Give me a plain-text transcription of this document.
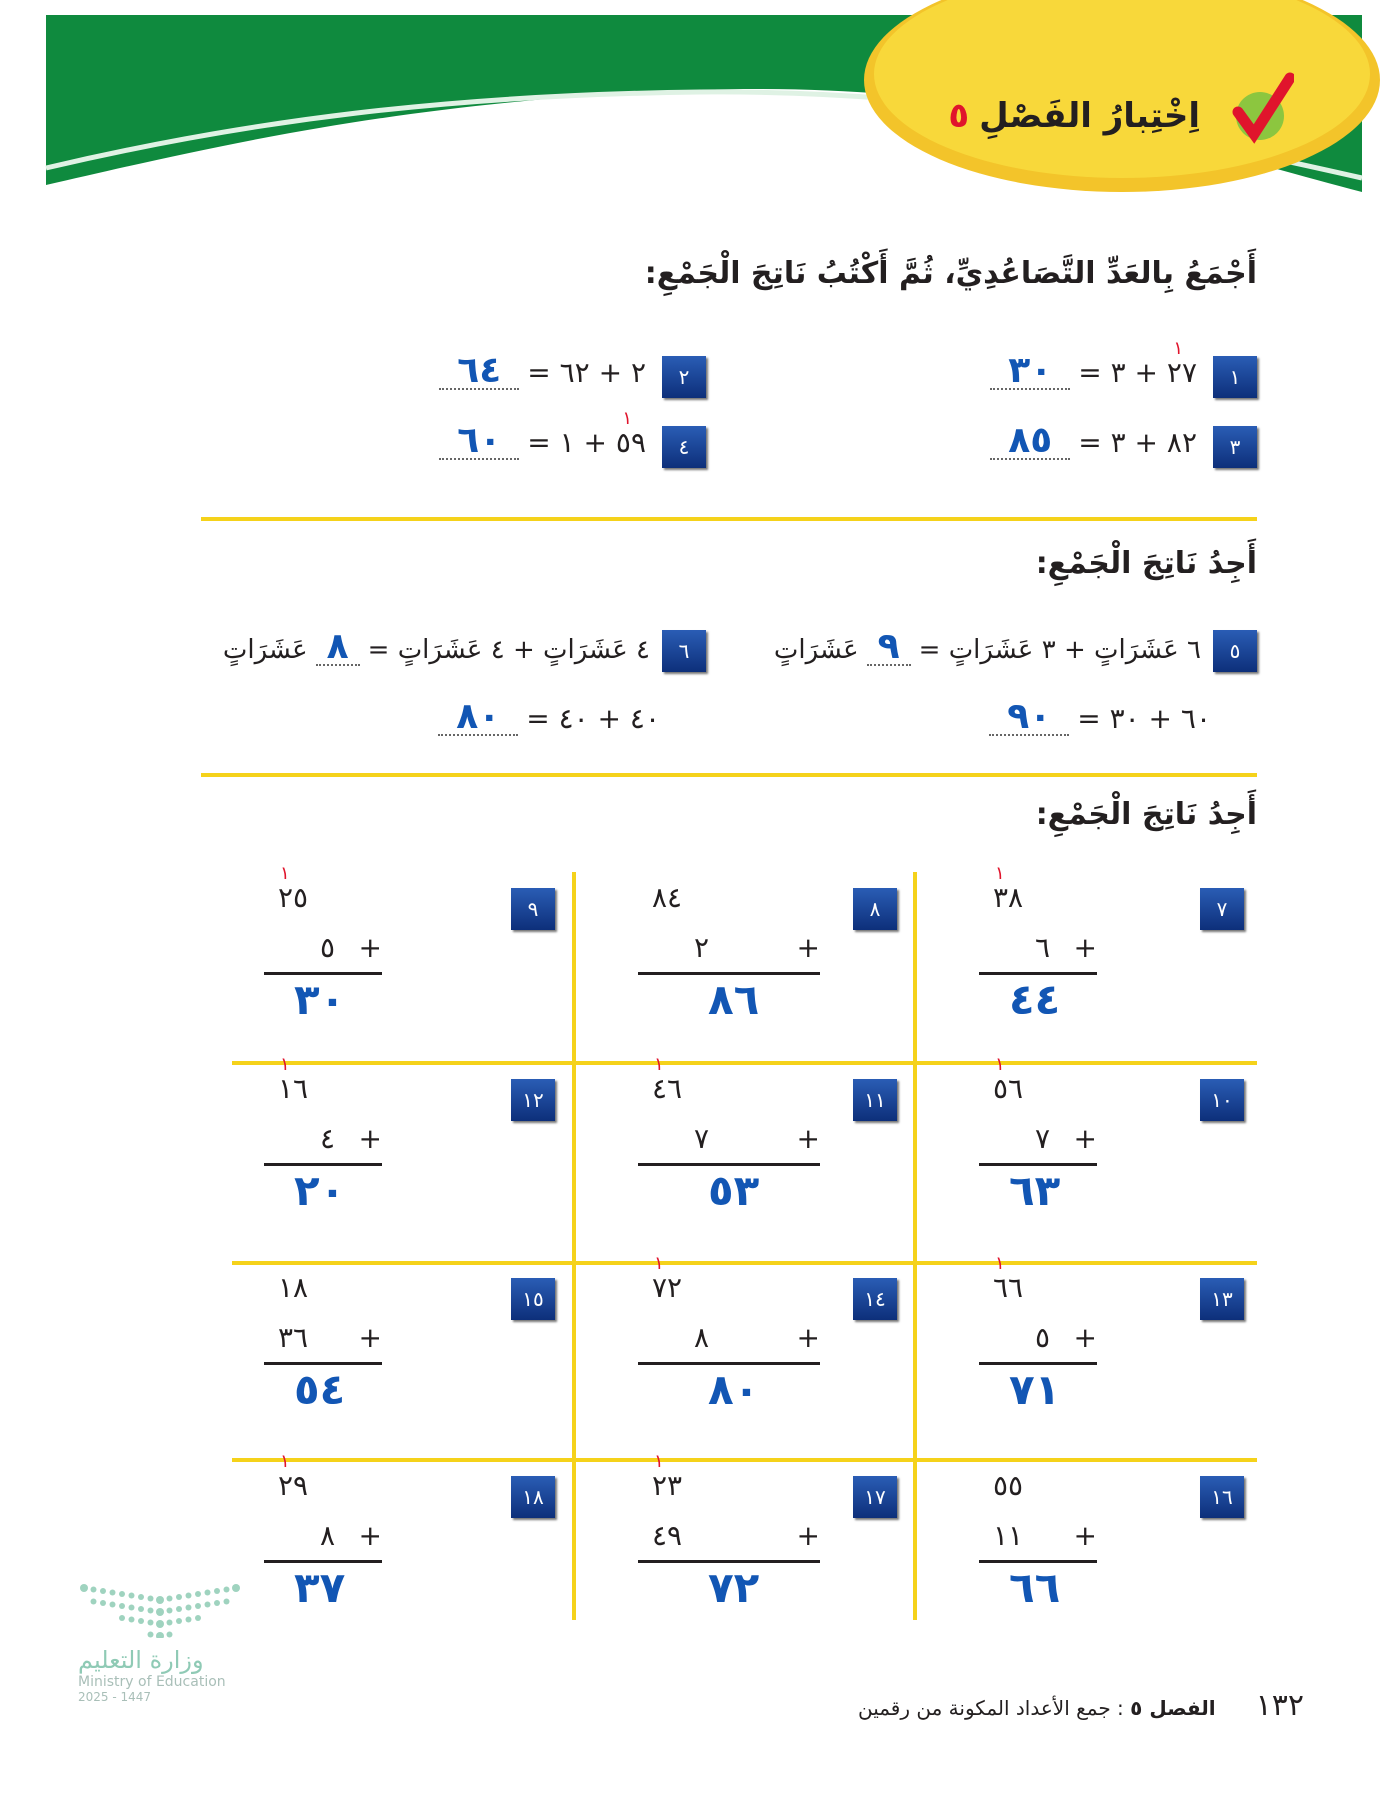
اِخْتِبارُ الفَصْلِ
٥
أَجْمَعُ بِالعَدِّ التَّصَاعُدِيِّ، ثُمَّ أَكْتُبُ نَاتِجَ الْجَمْعِ:
١
٢٧ + ٣ =
١
٣٠
٢
٢ + ٦٢ =
٦٤
٣
٨٢ + ٣ =
٨٥
٤
٥٩ + ١ =
١
٦٠
أَجِدُ نَاتِجَ الْجَمْعِ:
٥
٦ عَشَرَاتٍ + ٣ عَشَرَاتٍ =
٩
عَشَرَاتٍ
٦٠ + ٣٠ =
٩٠
٦
٤ عَشَرَاتٍ + ٤ عَشَرَاتٍ =
٨
عَشَرَاتٍ
٤٠ + ٤٠ =
٨٠
أَجِدُ نَاتِجَ الْجَمْعِ:
٧
٣٨
١
٦ +
٤٤
٨
٨٤
٢	+
٨٦
٩
٢٥
١
٥ +
٣٠
١٠
٥٦
١
٧ +
٦٣
١١
٤٦
١
٧	+
٥٣
١٢
١٦
١
٤ +
٢٠
١٣
٦٦
١
٥ +
٧١
١٤
٧٢
١
٨	+
٨٠
١٥
١٨
٣٦ +
٥٤
١٦
٥٥
١١ +
٦٦
١٧
٢٣
١
٤٩	+
٧٢
١٨
٢٩
١
٨ +
٣٧
وزارة التعليم
Ministry of Education
2025 - 1447	١٣٢
الفصل ٥ : جمع الأعداد المكونة من رقمين
